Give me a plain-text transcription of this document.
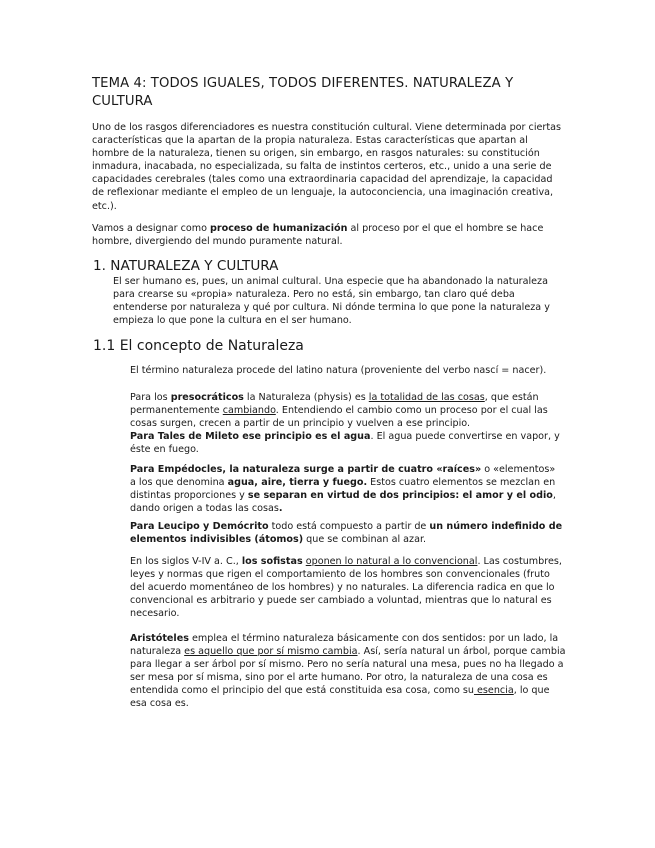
TEMA 4: TODOS IGUALES, TODOS DIFERENTES. NATURALEZA Y CULTURA

Uno de los rasgos diferenciadores es nuestra constitución cultural. Viene determinada por ciertas características que la apartan de la propia naturaleza. Estas características que apartan al hombre de la naturaleza, tienen su origen, sin embargo, en rasgos naturales: su constitución inmadura, inacabada, no especializada, su falta de instintos certeros, etc., unido a una serie de capacidades cerebrales (tales como una extraordinaria capacidad del aprendizaje, la capacidad de reflexionar mediante el empleo de un lenguaje, la autoconciencia, una imaginación creativa, etc.).

Vamos a designar como proceso de humanización al proceso por el que el hombre se hace hombre, divergiendo del mundo puramente natural.

1. NATURALEZA Y CULTURA

El ser humano es, pues, un animal cultural. Una especie que ha abandonado la naturaleza para crearse su «propia» naturaleza. Pero no está, sin embargo, tan claro qué deba entenderse por naturaleza y qué por cultura. Ni dónde termina lo que pone la naturaleza y empieza lo que pone la cultura en el ser humano.

1.1 El concepto de Naturaleza

El término naturaleza procede del latino natura (proveniente del verbo nascí = nacer).

Para los presocráticos la Naturaleza (physis) es la totalidad de las cosas, que están permanentemente cambiando. Entendiendo el cambio como un proceso por el cual las cosas surgen, crecen a partir de un principio y vuelven a ese principio.
Para Tales de Mileto ese principio es el agua. El agua puede convertirse en vapor, y éste en fuego.

Para Empédocles, la naturaleza surge a partir de cuatro «raíces» o «elementos» a los que denomina agua, aire, tierra y fuego. Estos cuatro elementos se mezclan en distintas proporciones y se separan en virtud de dos principios: el amor y el odio, dando origen a todas las cosas.

Para Leucipo y Demócrito todo está compuesto a partir de un número indefinido de elementos indivisibles (átomos) que se combinan al azar.

En los siglos V-IV a. C., los sofistas oponen lo natural a lo convencional. Las costumbres, leyes y normas que rigen el comportamiento de los hombres son convencionales (fruto del acuerdo momentáneo de los hombres) y no naturales. La diferencia radica en que lo convencional es arbitrario y puede ser cambiado a voluntad, mientras que lo natural es necesario.

Aristóteles emplea el término naturaleza básicamente con dos sentidos: por un lado, la naturaleza es aquello que por sí mismo cambia. Así, sería natural un árbol, porque cambia para llegar a ser árbol por sí mismo. Pero no sería natural una mesa, pues no ha llegado a ser mesa por sí misma, sino por el arte humano. Por otro, la naturaleza de una cosa es entendida como el principio del que está constituida esa cosa, como su esencia, lo que esa cosa es.
